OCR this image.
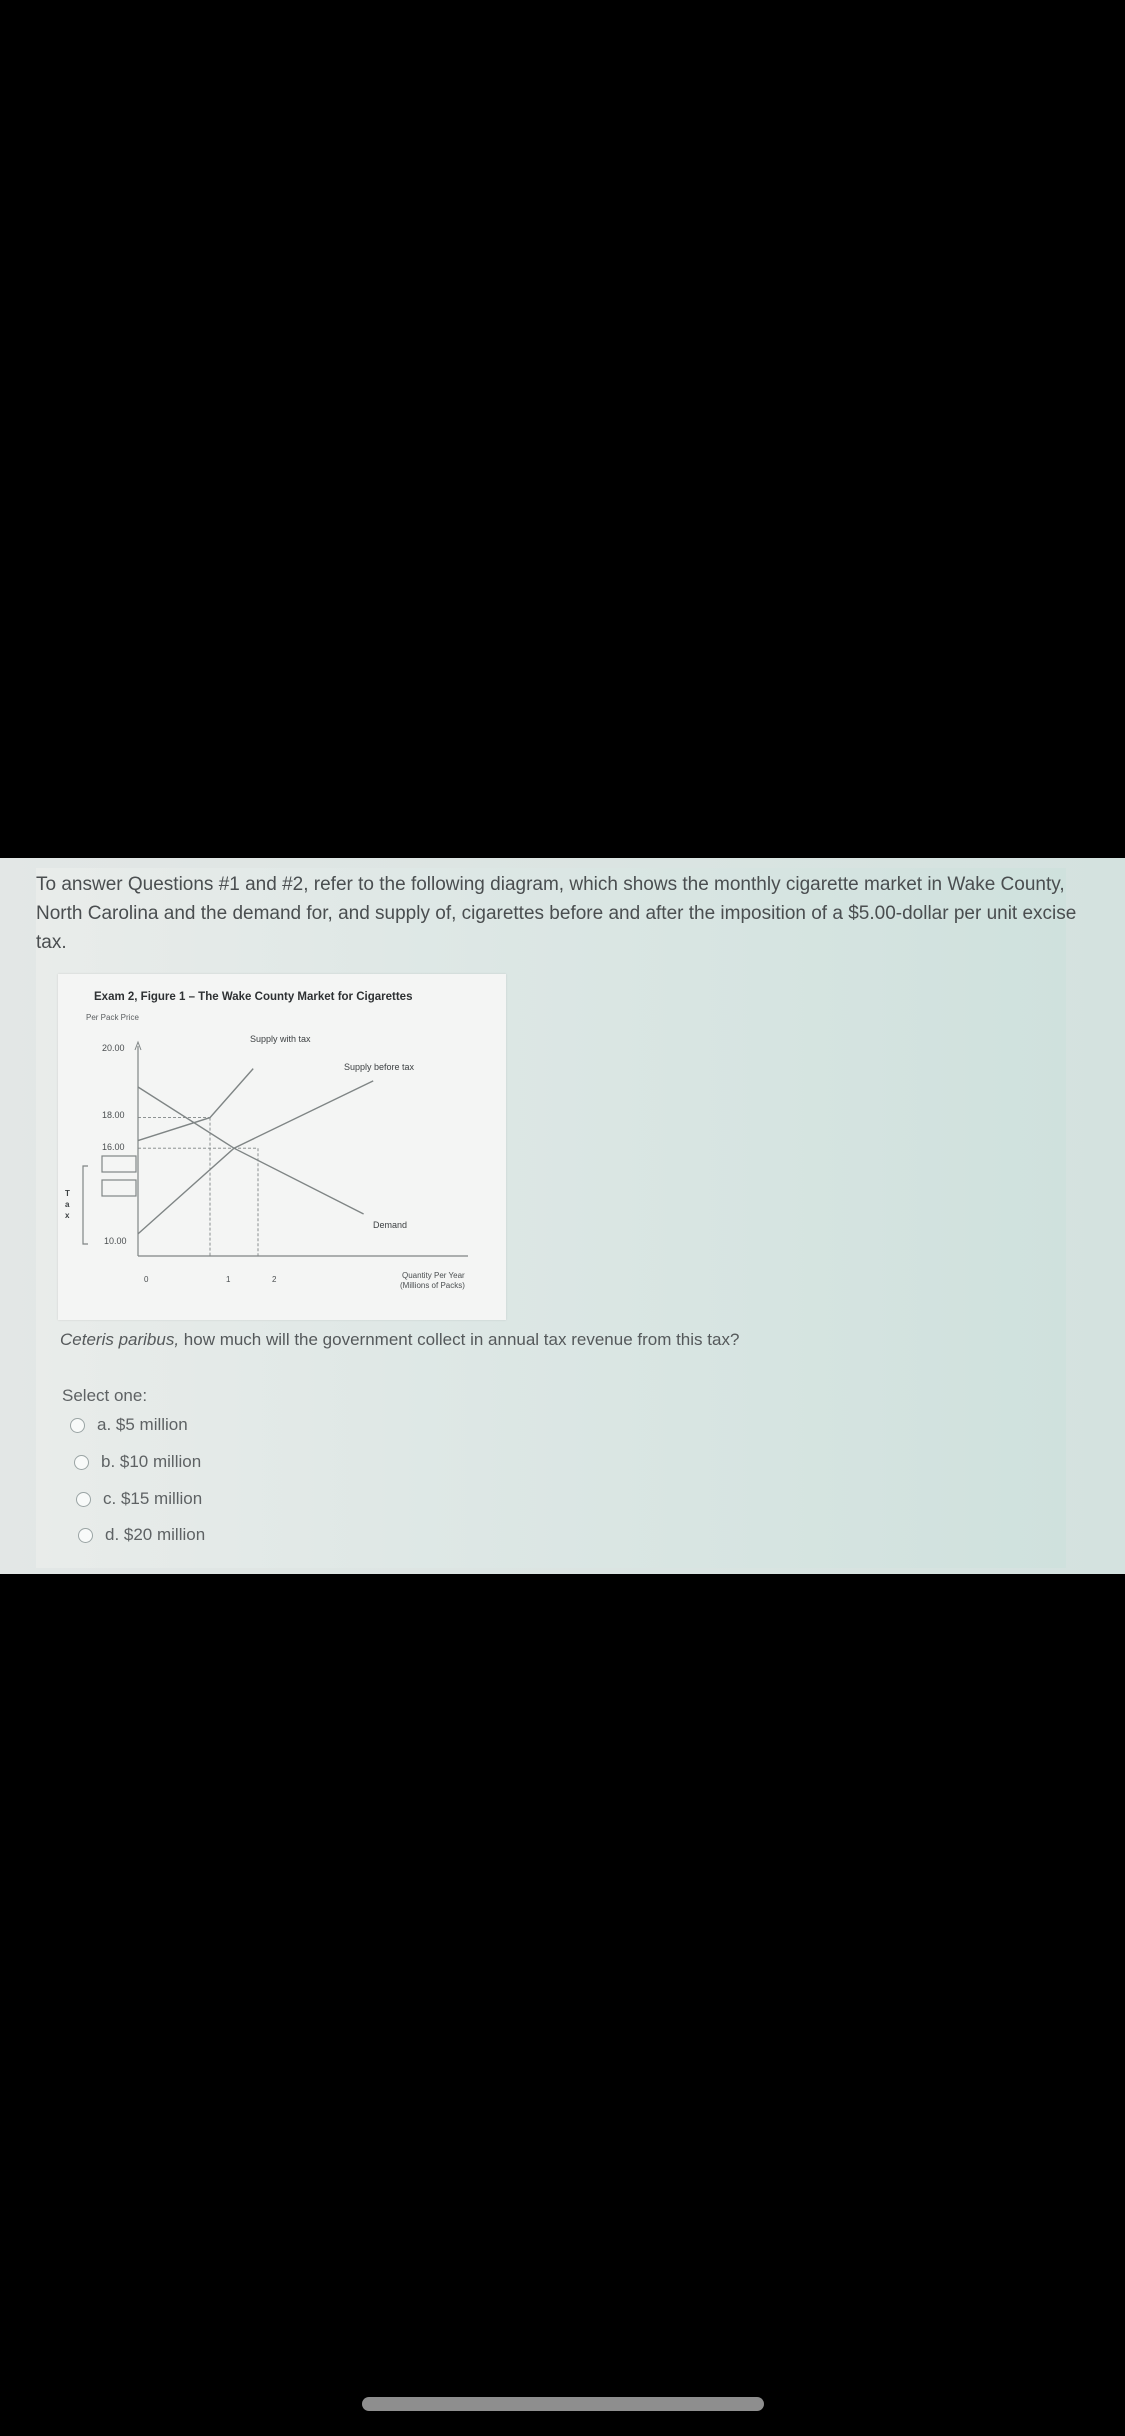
To answer Questions #1 and #2, refer to the following diagram, which shows the monthly cigarette market in Wake County, North Carolina and the demand for, and supply of, cigarettes before and after the imposition of a $5.00-dollar per unit excise tax.
Exam 2, Figure 1 – The Wake County Market for Cigarettes
Per Pack Price
20.00
18.00
16.00
10.00
T
a
x
Supply with tax
Supply before tax
Demand
0	1	2	Quantity Per Year
(Millions of Packs)
Ceteris paribus, how much will the government collect in annual tax revenue from this tax?
Select one:
a. $5 million
b. $10 million
c. $15 million
d. $20 million
